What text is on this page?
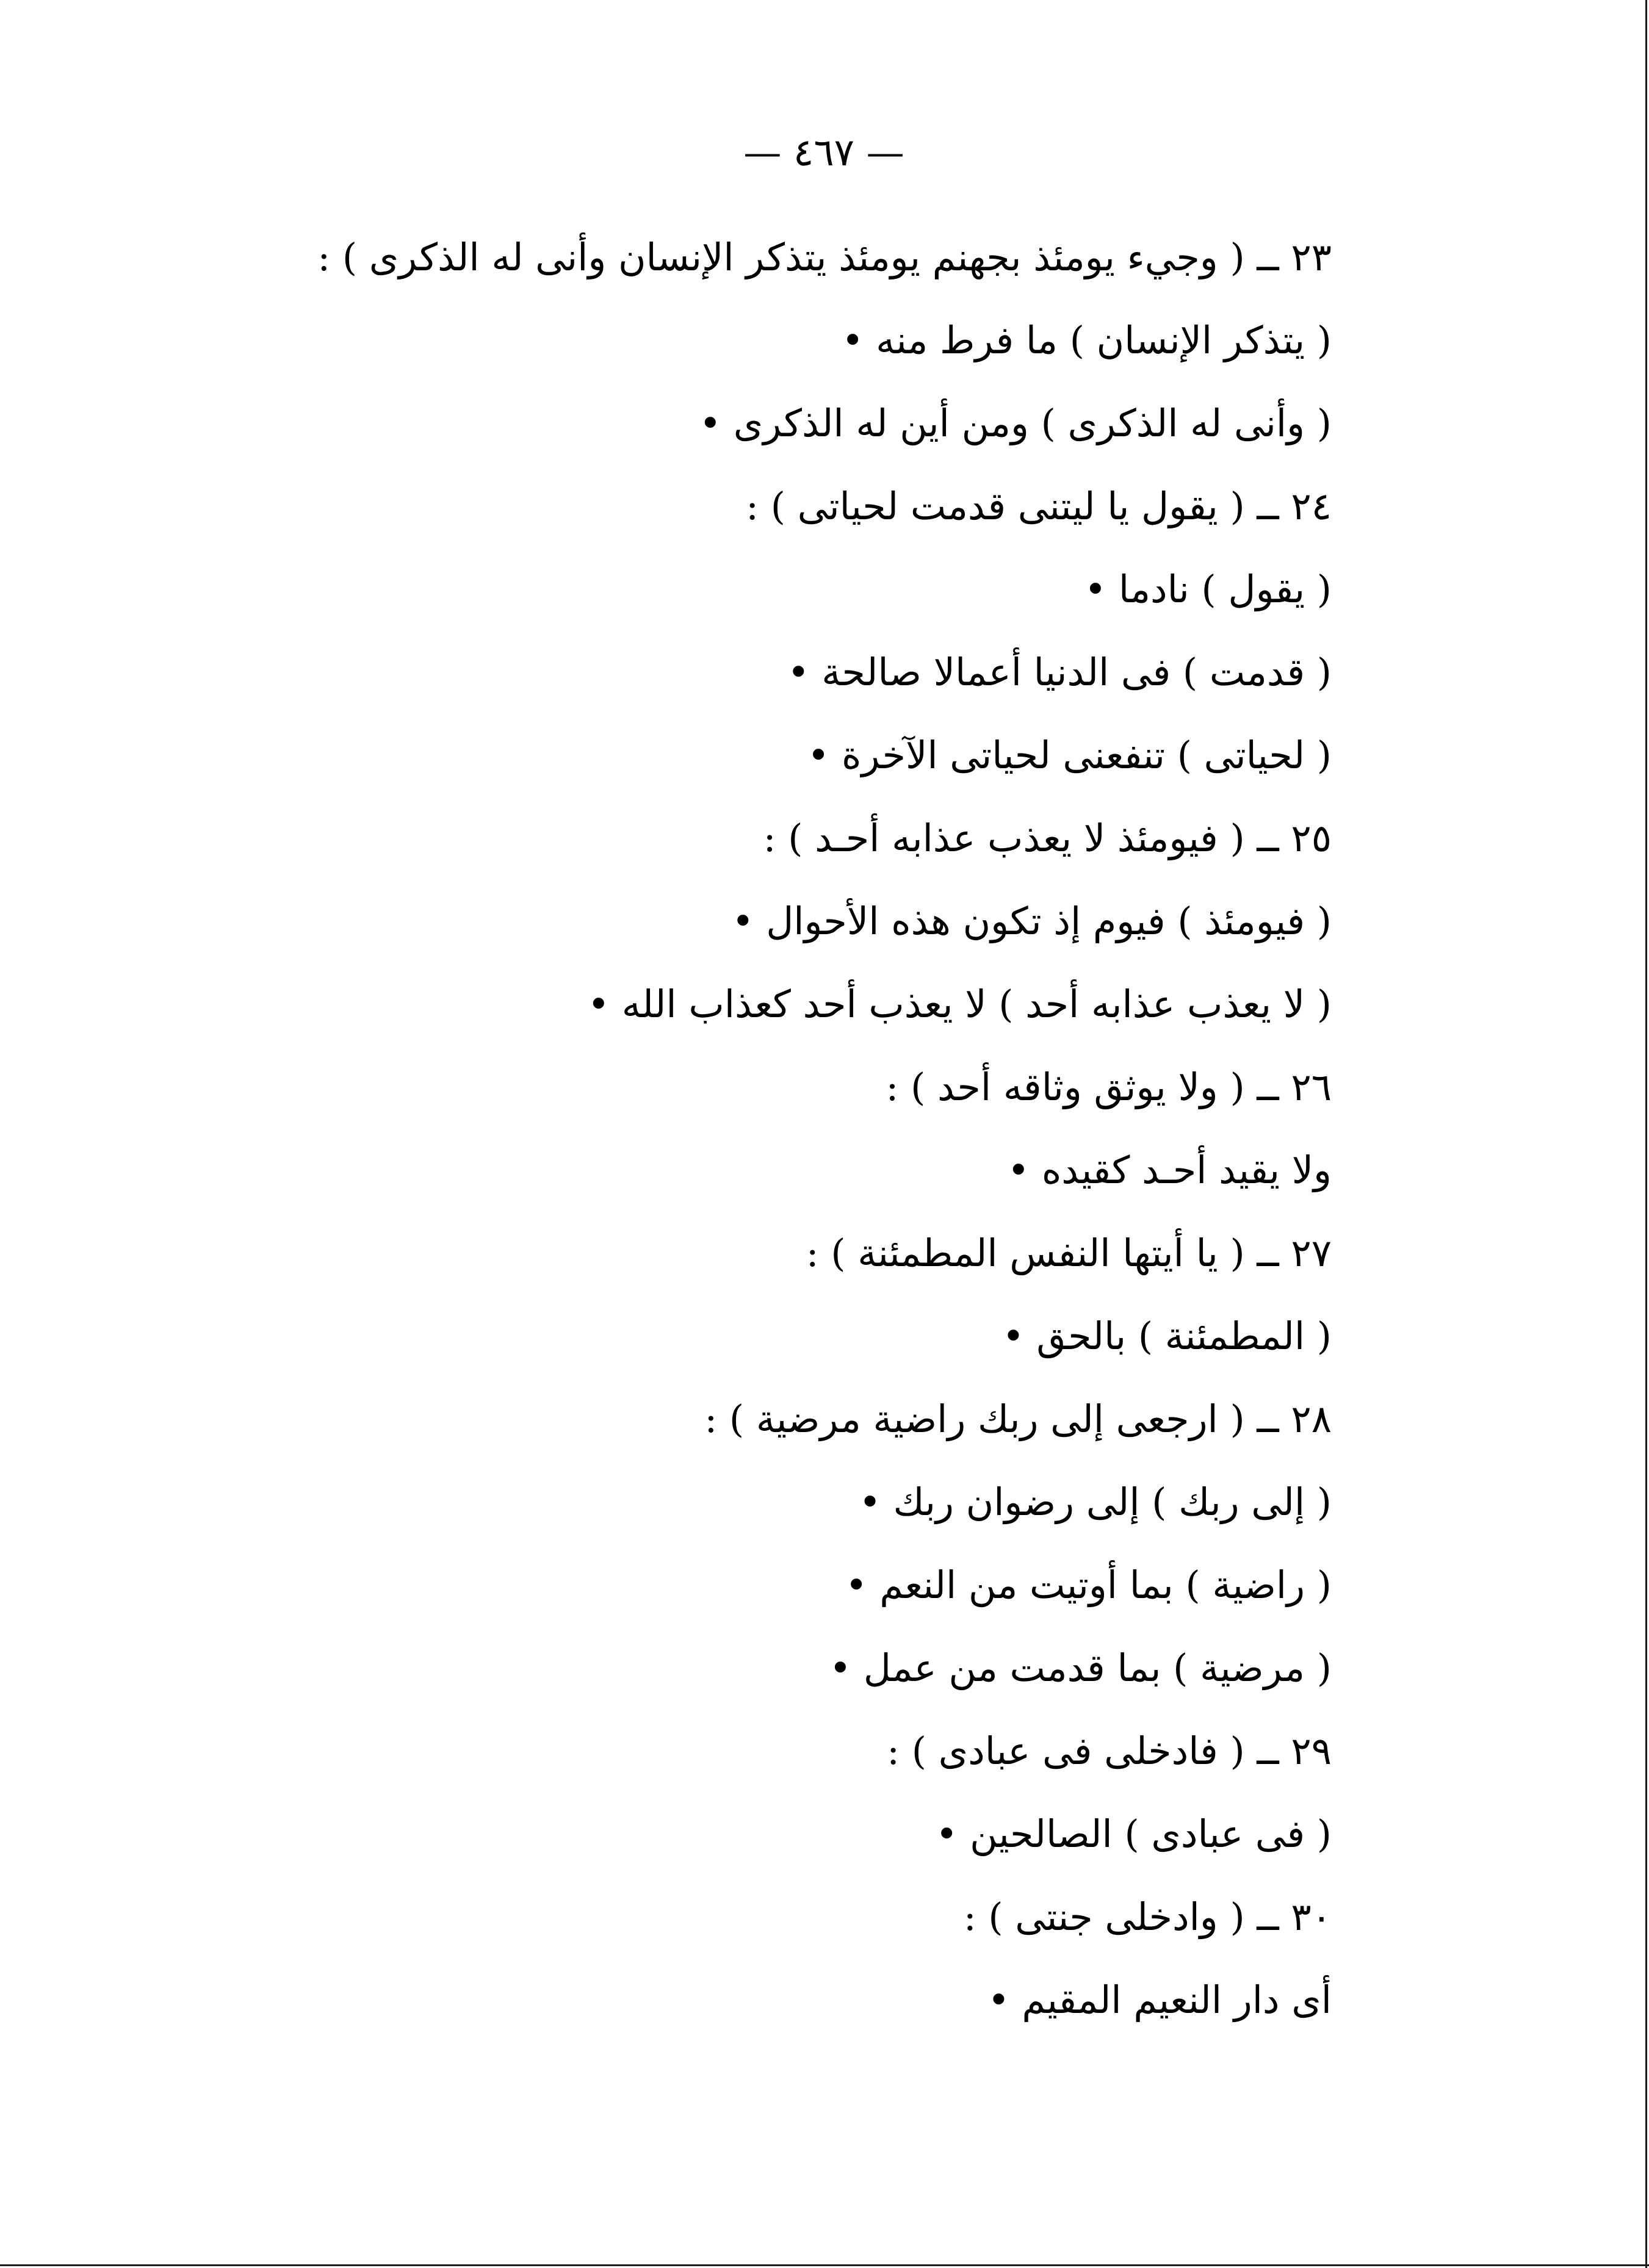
— ٤٦٧ —
٢٣ ــ ( وجيء يومئذ بجهنم يومئذ يتذكر الإنسان وأنى له الذكرى ) :
( يتذكر الإنسان ) ما فرط منه •
( وأنى له الذكرى ) ومن أين له الذكرى •
٢٤ ــ ( يقول يا ليتنى قدمت لحياتى ) :
( يقول ) نادما •
( قدمت ) فى الدنيا أعمالا صالحة •
( لحياتى ) تنفعنى لحياتى الآخرة •
٢٥ ــ ( فيومئذ لا يعذب عذابه أحـد ) :
( فيومئذ ) فيوم إذ تكون هذه الأحوال •
( لا يعذب عذابه أحد ) لا يعذب أحد كعذاب الله •
٢٦ ــ ( ولا يوثق وثاقه أحد ) :
ولا يقيد أحـد كقيده •
٢٧ ــ ( يا أيتها النفس المطمئنة ) :
( المطمئنة ) بالحق •
٢٨ ــ ( ارجعى إلى ربك راضية مرضية ) :
( إلى ربك ) إلى رضوان ربك •
( راضية ) بما أوتيت من النعم •
( مرضية ) بما قدمت من عمل •
٢٩ ــ ( فادخلى فى عبادى ) :
( فى عبادى ) الصالحين •
٣٠ ــ ( وادخلى جنتى ) :
أى دار النعيم المقيم •
